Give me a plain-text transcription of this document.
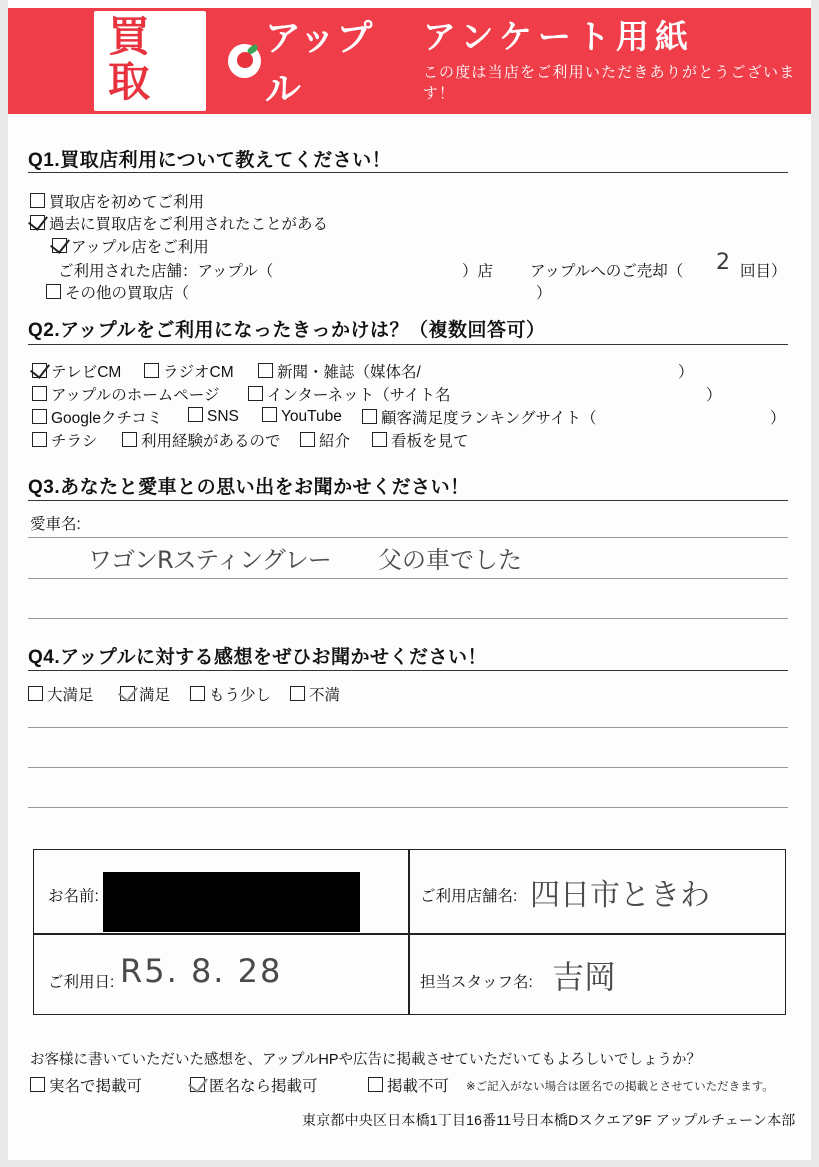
買取
アップル
アンケート用紙
この度は当店をご利用いただきありがとうございます！
Q1.買取店利用について教えてください！
買取店を初めてご利用
過去に買取店をご利用されたことがある
アップル店をご利用
ご利用された店舗：アップル（	）店 アップルへのご売却（ 2 回目）
その他の買取店（	）
Q2.アップルをご利用になったきっかけは？（複数回答可）
テレビCM	ラジオCM	新聞・雑誌（媒体名/	）
アップルのホームページ	インターネット（サイト名	）
Googleクチコミ	SNS	YouTube	顧客満足度ランキングサイト（	）
チラシ	利用経験があるので	紹介	看板を見て
Q3.あなたと愛車との思い出をお聞かせください！
愛車名:
ワゴンRスティングレー 父の車でした
Q4.アップルに対する感想をぜひお聞かせください！
大満足	満足	もう少し	不満
お名前:	ご利用店舗名: 四日市ときわ
ご利用日: R5. 8. 28	担当スタッフ名: 吉岡
お客様に書いていただいた感想を、アップルHPや広告に掲載させていただいてもよろしいでしょうか？
実名で掲載可	匿名なら掲載可	掲載不可 ※ご記入がない場合は匿名での掲載とさせていただきます。
東京都中央区日本橋1丁目16番11号日本橋Dスクエア9F アップルチェーン本部
